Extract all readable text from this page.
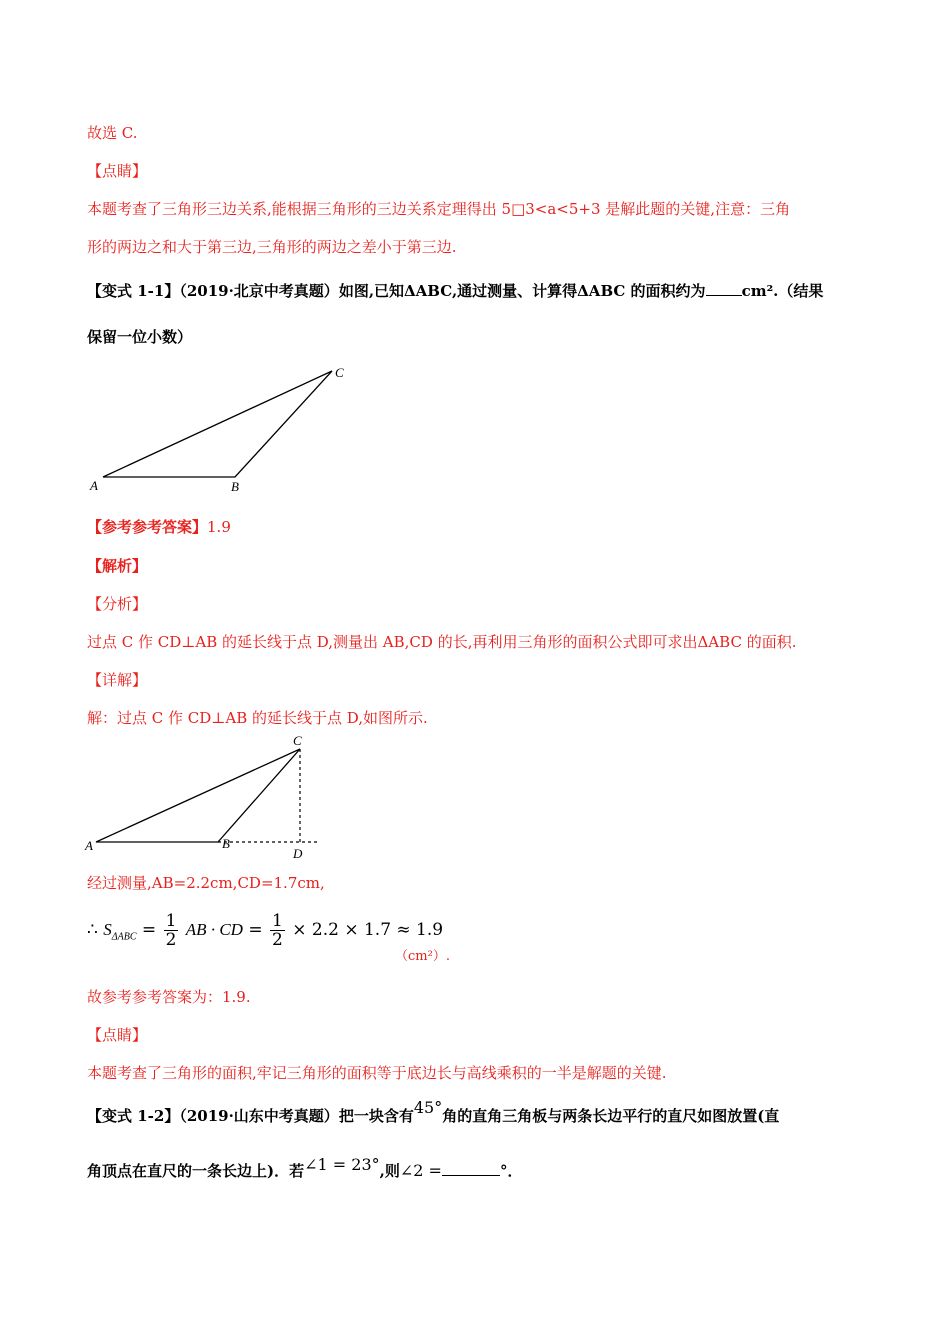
故选 C.
【点睛】
本题考查了三角形三边关系,能根据三角形的三边关系定理得出 5□3<a<5+3 是解此题的关键,注意：三角
形的两边之和大于第三边,三角形的两边之差小于第三边.
【变式 1-1】（2019·北京中考真题）如图,已知ΔABC,通过测量、计算得ΔABC 的面积约为 cm².（结果
保留一位小数）
A	B
C
【参考参考答案】1.9
【解析】
【分析】
过点 C 作 CD⊥AB 的延长线于点 D,测量出 AB,CD 的长,再利用三角形的面积公式即可求出ΔABC 的面积.
【详解】
解：过点 C 作 CD⊥AB 的延长线于点 D,如图所示.
A	B
C
D
经过测量,AB=2.2cm,CD=1.7cm,
∴ $S_{\Delta ABC} = \frac{1}{2}$ AB · CD = $\frac{1}{2} \times 2.2 \times 1.7 \approx 1.9$
（cm²）.
故参考参考答案为：1.9.
【点睛】
本题考查了三角形的面积,牢记三角形的面积等于底边长与高线乘积的一半是解题的关键.
【变式 1-2】（2019·山东中考真题）把一块含有45°角的直角三角板与两条长边平行的直尺如图放置(直
角顶点在直尺的一条长边上)．若∠1 = 23°,则∠2 =	°．
